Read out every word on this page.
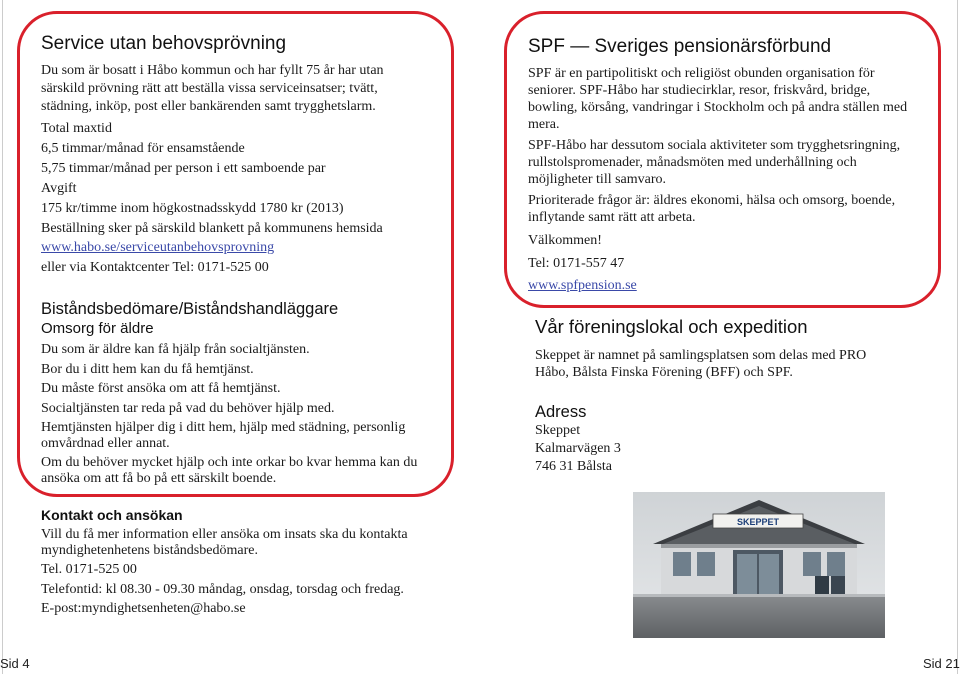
Service utan behovsprövning
Du som är bosatt i Håbo kommun och har fyllt 75 år har utan
särskild prövning rätt att beställa vissa serviceinsatser; tvätt,
städning, inköp, post eller bankärenden samt trygghetslarm.
Total maxtid
6,5 timmar/månad för ensamstående
5,75 timmar/månad per person i ett samboende par
Avgift
175 kr/timme inom högkostnadsskydd 1780 kr (2013)
Beställning sker på särskild blankett på kommunens hemsida
www.habo.se/serviceutanbehovsprovning
eller via Kontaktcenter Tel: 0171-525 00
Biståndsbedömare/Biståndshandläggare
Omsorg för äldre
Du som är äldre kan få hjälp från socialtjänsten.
Bor du i ditt hem kan du få hemtjänst.
Du måste först ansöka om att få hemtjänst.
Socialtjänsten tar reda på vad du behöver hjälp med.
Hemtjänsten hjälper dig i ditt hem, hjälp med städning, personlig omvårdnad eller annat.
Om du behöver mycket hjälp och inte orkar bo kvar hemma kan du ansöka om att få bo på ett särskilt boende.
Kontakt och ansökan
Vill du få mer information eller ansöka om insats ska du kontakta myndighetenhetens biståndsbedömare.
Tel. 0171-525 00
Telefontid: kl 08.30 - 09.30 måndag, onsdag, torsdag och fredag.
E-post:myndighetsenheten@habo.se
Sid 4
SPF — Sveriges pensionärsförbund
SPF är en partipolitiskt och religiöst obunden organisation för seniorer. SPF-Håbo har studiecirklar, resor, friskvård, bridge, bowling, körsång, vandringar i Stockholm och på andra ställen med mera.
SPF-Håbo har dessutom sociala aktiviteter som trygghetsringning, rullstolspromenader, månadsmöten med underhållning och möjligheter till samvaro.
Prioriterade frågor är: äldres ekonomi, hälsa och omsorg, boende, inflytande samt rätt att arbeta.
Välkommen!
Tel: 0171-557 47
www.spfpension.se
Vår föreningslokal och expedition
Skeppet är namnet på samlingsplatsen som delas med PRO Håbo, Bålsta Finska Förening (BFF) och SPF.
Adress
Skeppet
Kalmarvägen 3
746 31 Bålsta
SKEPPET
Sid 21
